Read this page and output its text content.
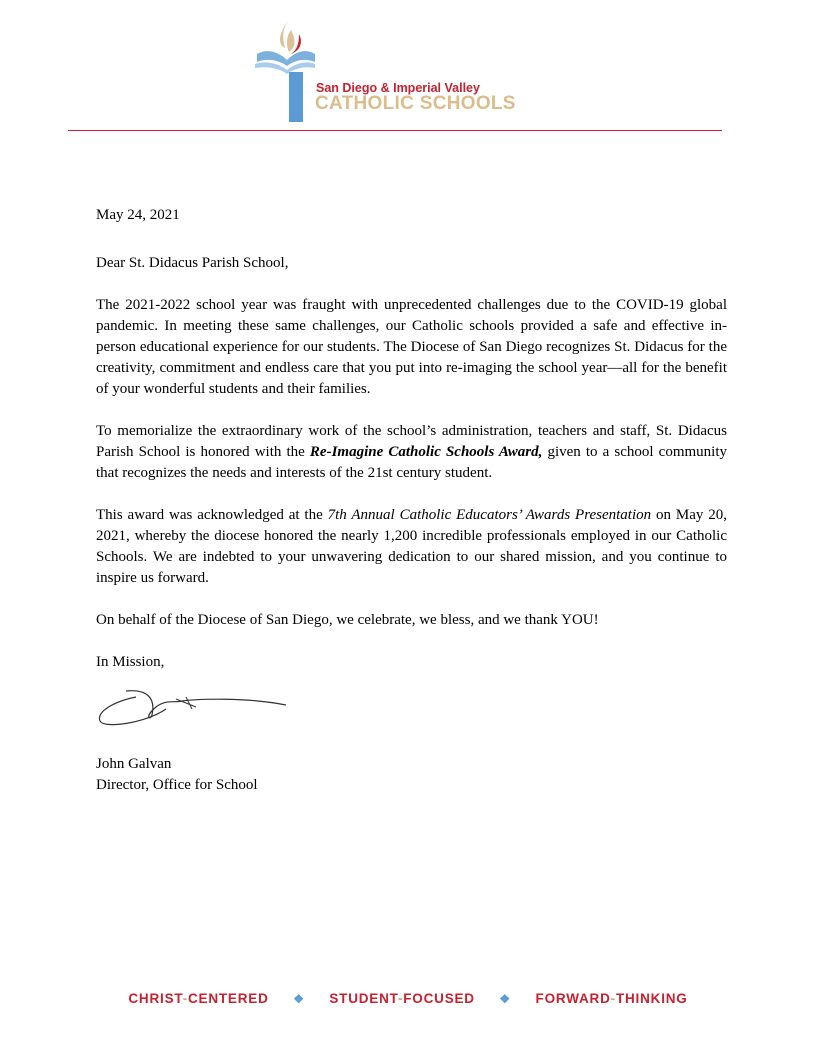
San Diego & Imperial Valley
CATHOLIC SCHOOLS

May 24, 2021

Dear St. Didacus Parish School,

The 2021-2022 school year was fraught with unprecedented challenges due to the COVID-19 global pandemic. In meeting these same challenges, our Catholic schools provided a safe and effective in-person educational experience for our students. The Diocese of San Diego recognizes St. Didacus for the creativity, commitment and endless care that you put into re-imaging the school year—all for the benefit of your wonderful students and their families.

To memorialize the extraordinary work of the school’s administration, teachers and staff, St. Didacus Parish School is honored with the Re-Imagine Catholic Schools Award, given to a school community that recognizes the needs and interests of the 21st century student.

This award was acknowledged at the 7th Annual Catholic Educators’ Awards Presentation on May 20, 2021, whereby the diocese honored the nearly 1,200 incredible professionals employed in our Catholic Schools. We are indebted to your unwavering dedication to our shared mission, and you continue to inspire us forward.

On behalf of the Diocese of San Diego, we celebrate, we bless, and we thank YOU!

In Mission,

John Galvan
Director, Office for School
CHRIST-CENTERED ❖ STUDENT-FOCUSED ❖ FORWARD-THINKING
